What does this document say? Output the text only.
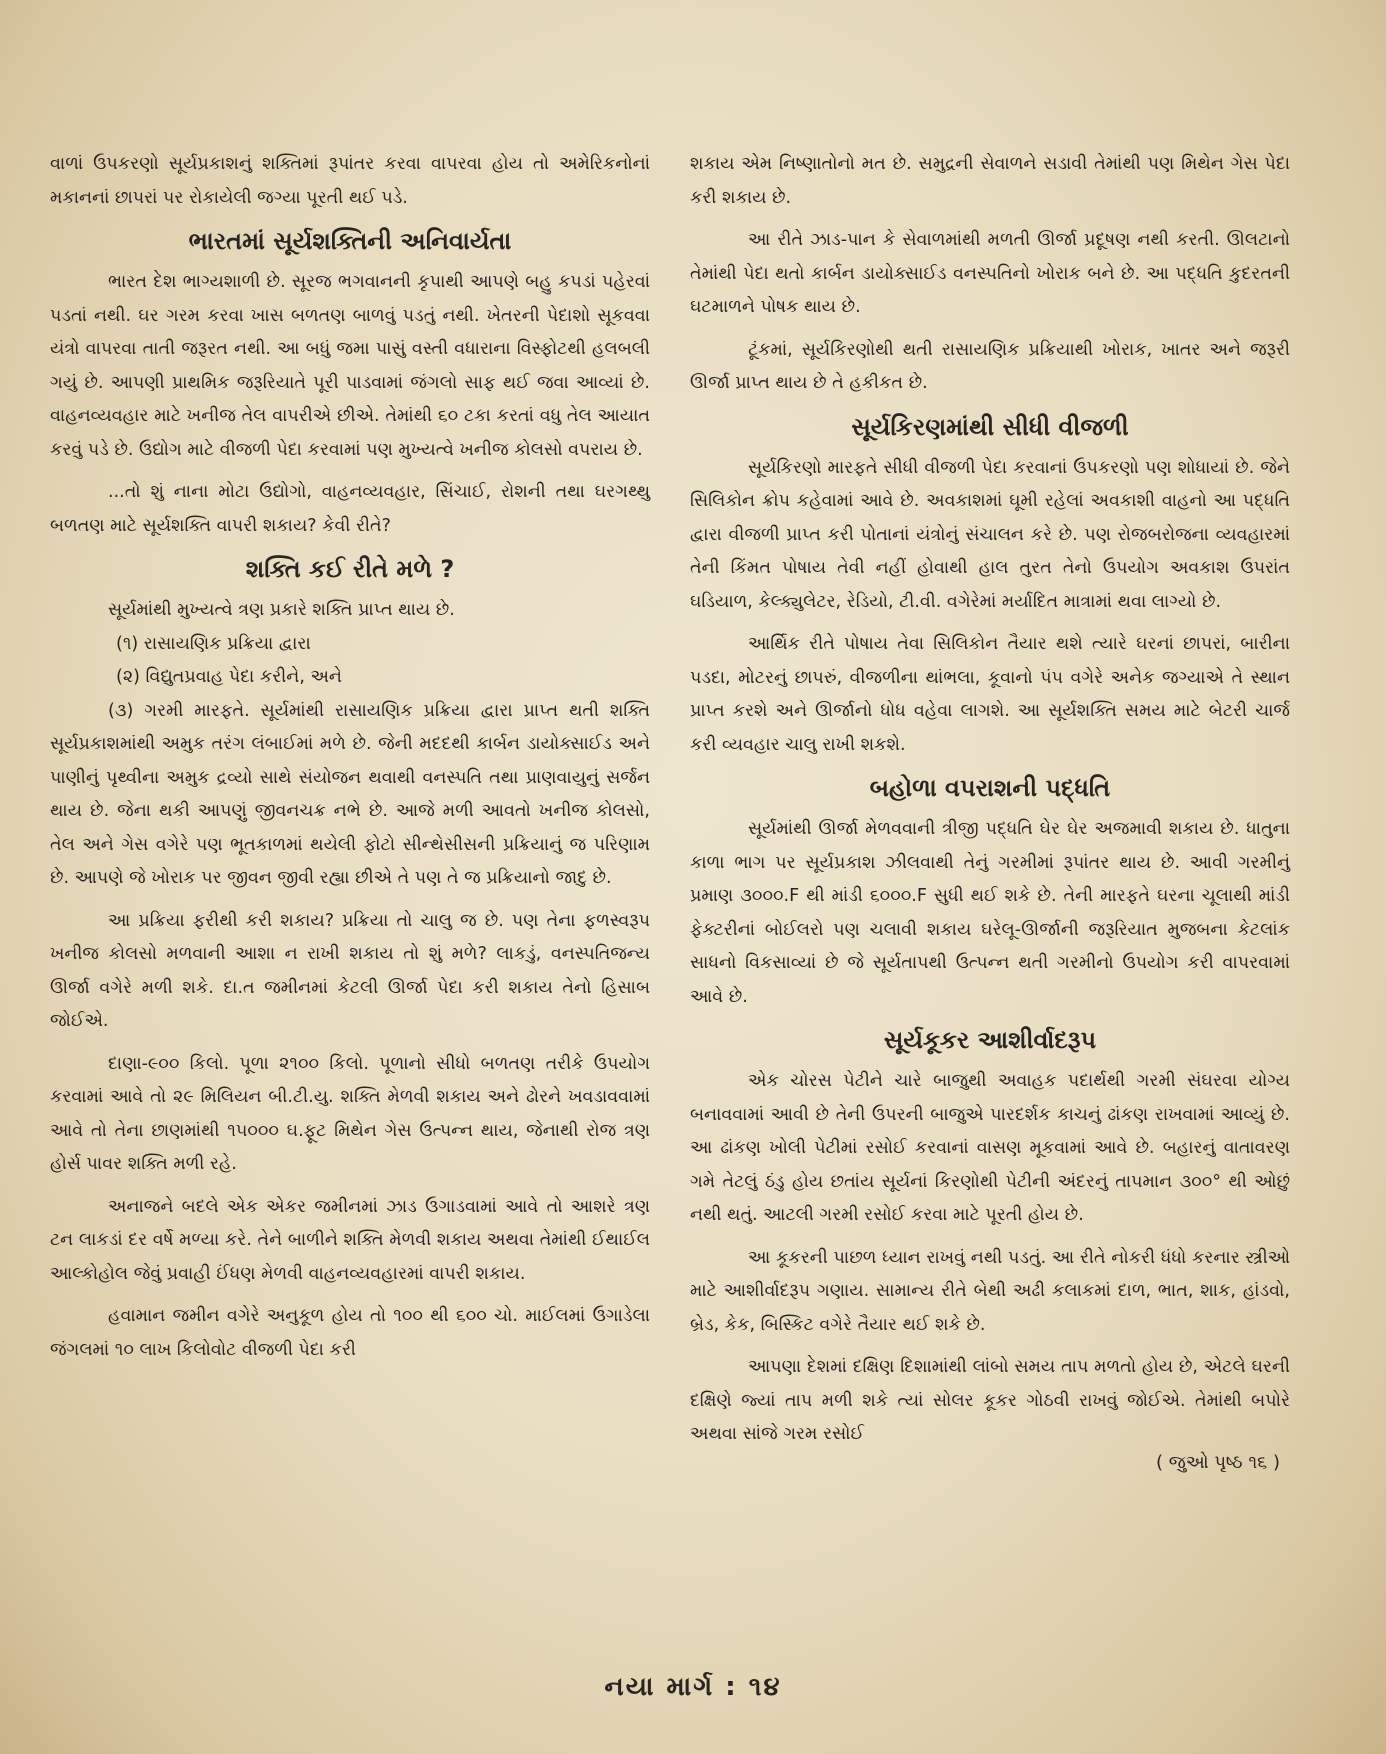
વાળાં ઉપકરણો સૂર્યપ્રકાશનું શક્તિમાં રૂપાંતર કરવા વાપરવા હોય તો અમેરિકનોનાં મકાનનાં છાપરાં પર રોકાયેલી જગ્યા પૂરતી થઈ પડે.

ભારતમાં સૂર્યશક્તિની અનિવાર્યતા

ભારત દેશ ભાગ્યશાળી છે. સૂરજ ભગવાનની કૃપાથી આપણે બહુ કપડાં પહેરવાં પડતાં નથી. ઘર ગરમ કરવા ખાસ બળતણ બાળવું પડતું નથી. ખેતરની પેદાશો સૂકવવા યંત્રો વાપરવા તાતી જરૂરત નથી. આ બધું જમા પાસું વસ્તી વધારાના વિસ્ફોટથી હલબલી ગયું છે. આપણી પ્રાથમિક જરૂરિયાતે પૂરી પાડવામાં જંગલો સાફ થઈ જવા આવ્યાં છે. વાહનવ્યવહાર માટે ખનીજ તેલ વાપરીએ છીએ. તેમાંથી ૬૦ ટકા કરતાં વધુ તેલ આયાત કરવું પડે છે. ઉદ્યોગ માટે વીજળી પેદા કરવામાં પણ મુખ્યત્વે ખનીજ કોલસો વપરાય છે.

...તો શું નાના મોટા ઉદ્યોગો, વાહનવ્યવહાર, સિંચાઈ, રોશની તથા ઘરગથ્થુ બળતણ માટે સૂર્યશક્તિ વાપરી શકાય? કેવી રીતે?

શક્તિ કઈ રીતે મળે ?

સૂર્યમાંથી મુખ્યત્વે ત્રણ પ્રકારે શક્તિ પ્રાપ્ત થાય છે.

(૧) રાસાયણિક પ્રક્રિયા દ્વારા

(૨) વિદ્યુતપ્રવાહ પેદા કરીને, અને

(૩) ગરમી મારફતે. સૂર્યમાંથી રાસાયણિક પ્રક્રિયા દ્વારા પ્રાપ્ત થતી શક્તિ સૂર્યપ્રકાશમાંથી અમુક તરંગ લંબાઈમાં મળે છે. જેની મદદથી કાર્બન ડાયોક્સાઈડ અને પાણીનું પૃથ્વીના અમુક દ્રવ્યો સાથે સંયોજન થવાથી વનસ્પતિ તથા પ્રાણવાયુનું સર્જન થાય છે. જેના થકી આપણું જીવનચક્ર નભે છે. આજે મળી આવતો ખનીજ કોલસો, તેલ અને ગેસ વગેરે પણ ભૂતકાળમાં થયેલી ફોટો સીન્થેસીસની પ્રક્રિયાનું જ પરિણામ છે. આપણે જે ખોરાક પર જીવન જીવી રહ્યા છીએ તે પણ તે જ પ્રક્રિયાનો જાદુ છે.

આ પ્રક્રિયા ફરીથી કરી શકાય? પ્રક્રિયા તો ચાલુ જ છે. પણ તેના ફળસ્વરૂપ ખનીજ કોલસો મળવાની આશા ન રાખી શકાય તો શું મળે? લાકડું, વનસ્પતિજન્ય ઊર્જા વગેરે મળી શકે. દા.ત જમીનમાં કેટલી ઊર્જા પેદા કરી શકાય તેનો હિસાબ જોઈએ.

દાણા-૯૦૦ કિલો. પૂળા ૨૧૦૦ કિલો. પૂળાનો સીધો બળતણ તરીકે ઉપયોગ કરવામાં આવે તો ૨૯ મિલિયન બી.ટી.યુ. શક્તિ મેળવી શકાય અને ઢોરને ખવડાવવામાં આવે તો તેના છાણમાંથી ૧૫૦૦૦ ઘ.ફૂટ મિથેન ગેસ ઉત્પન્ન થાય, જેનાથી રોજ ત્રણ હોર્સ પાવર શક્તિ મળી રહે.

અનાજને બદલે એક એકર જમીનમાં ઝાડ ઉગાડવામાં આવે તો આશરે ત્રણ ટન લાકડાં દર વર્ષે મળ્યા કરે. તેને બાળીને શક્તિ મેળવી શકાય અથવા તેમાંથી ઈથાઈલ આલ્કોહોલ જેવું પ્રવાહી ઈંધણ મેળવી વાહનવ્યવહારમાં વાપરી શકાય.

હવામાન જમીન વગેરે અનુકૂળ હોય તો ૧૦૦ થી ૬૦૦ ચો. માઈલમાં ઉગાડેલા જંગલમાં ૧૦ લાખ કિલોવોટ વીજળી પેદા કરી

શકાય એમ નિષ્ણાતોનો મત છે. સમુદ્રની સેવાળને સડાવી તેમાંથી પણ મિથેન ગેસ પેદા કરી શકાય છે.

આ રીતે ઝાડ-પાન કે સેવાળમાંથી મળતી ઊર્જા પ્રદૂષણ નથી કરતી. ઊલટાનો તેમાંથી પેદા થતો કાર્બન ડાયોક્સાઈડ વનસ્પતિનો ખોરાક બને છે. આ પદ્ધતિ કુદરતની ઘટમાળને પોષક થાય છે.

ટૂંકમાં, સૂર્યકિરણોથી થતી રાસાયણિક પ્રક્રિયાથી ખોરાક, ખાતર અને જરૂરી ઊર્જા પ્રાપ્ત થાય છે તે હકીકત છે.

સૂર્યકિરણમાંથી સીધી વીજળી

સૂર્યકિરણો મારફતે સીધી વીજળી પેદા કરવાનાં ઉપકરણો પણ શોધાયાં છે. જેને સિલિકોન ક્રોપ કહેવામાં આવે છે. અવકાશમાં ઘૂમી રહેલાં અવકાશી વાહનો આ પદ્ધતિ દ્વારા વીજળી પ્રાપ્ત કરી પોતાનાં યંત્રોનું સંચાલન કરે છે. પણ રોજબરોજના વ્યવહારમાં તેની કિંમત પોષાય તેવી નહીં હોવાથી હાલ તુરત તેનો ઉપયોગ અવકાશ ઉપરાંત ઘડિયાળ, કેલ્ક્યુલેટર, રેડિયો, ટી.વી. વગેરેમાં મર્યાદિત માત્રામાં થવા લાગ્યો છે.

આર્થિક રીતે પોષાય તેવા સિલિકોન તૈયાર થશે ત્યારે ઘરનાં છાપરાં, બારીના પડદા, મોટરનું છાપરું, વીજળીના થાંભલા, કૂવાનો પંપ વગેરે અનેક જગ્યાએ તે સ્થાન પ્રાપ્ત કરશે અને ઊર્જાનો ધોધ વહેવા લાગશે. આ સૂર્યશક્તિ સમય માટે બેટરી ચાર્જ કરી વ્યવહાર ચાલુ રાખી શકશે.

બહોળા વપરાશની પદ્ધતિ

સૂર્યમાંથી ઊર્જા મેળવવાની ત્રીજી પદ્ધતિ ઘેર ઘેર અજમાવી શકાય છે. ધાતુના કાળા ભાગ પર સૂર્યપ્રકાશ ઝીલવાથી તેનું ગરમીમાં રૂપાંતર થાય છે. આવી ગરમીનું પ્રમાણ ૩૦૦૦.F થી માંડી ૬૦૦૦.F સુધી થઈ શકે છે. તેની મારફતે ઘરના ચૂલાથી માંડી ફેક્ટરીનાં બોઈલરો પણ ચલાવી શકાય ઘરેલૂ-ઊર્જાની જરૂરિયાત મુજબના કેટલાંક સાધનો વિકસાવ્યાં છે જે સૂર્યતાપથી ઉત્પન્ન થતી ગરમીનો ઉપયોગ કરી વાપરવામાં આવે છે.

સૂર્યકૂકર આશીર્વાદરૂપ

એક ચોરસ પેટીને ચારે બાજુથી અવાહક પદાર્થથી ગરમી સંઘરવા યોગ્ય બનાવવામાં આવી છે તેની ઉપરની બાજુએ પારદર્શક કાચનું ઢાંકણ રાખવામાં આવ્યું છે. આ ઢાંકણ ખોલી પેટીમાં રસોઈ કરવાનાં વાસણ મૂકવામાં આવે છે. બહારનું વાતાવરણ ગમે તેટલું ઠંડુ હોય છતાંય સૂર્યનાં કિરણોથી પેટીની અંદરનું તાપમાન ૩૦૦° થી ઓછું નથી થતું. આટલી ગરમી રસોઈ કરવા માટે પૂરતી હોય છે.

આ કૂકરની પાછળ ધ્યાન રાખવું નથી પડતું. આ રીતે નોકરી ધંધો કરનાર સ્ત્રીઓ માટે આશીર્વાદરૂપ ગણાય. સામાન્ય રીતે બેથી અઢી કલાકમાં દાળ, ભાત, શાક, હાંડવો, બ્રેડ, કેક, બિસ્કિટ વગેરે તૈયાર થઈ શકે છે.

આપણા દેશમાં દક્ષિણ દિશામાંથી લાંબો સમય તાપ મળતો હોય છે, એટલે ઘરની દક્ષિણે જ્યાં તાપ મળી શકે ત્યાં સોલર કૂકર ગોઠવી રાખવું જોઈએ. તેમાંથી બપોરે અથવા સાંજે ગરમ રસોઈ

( જુઓ પૃષ્ઠ ૧૬ )
નયા માર્ગ : ૧૪
